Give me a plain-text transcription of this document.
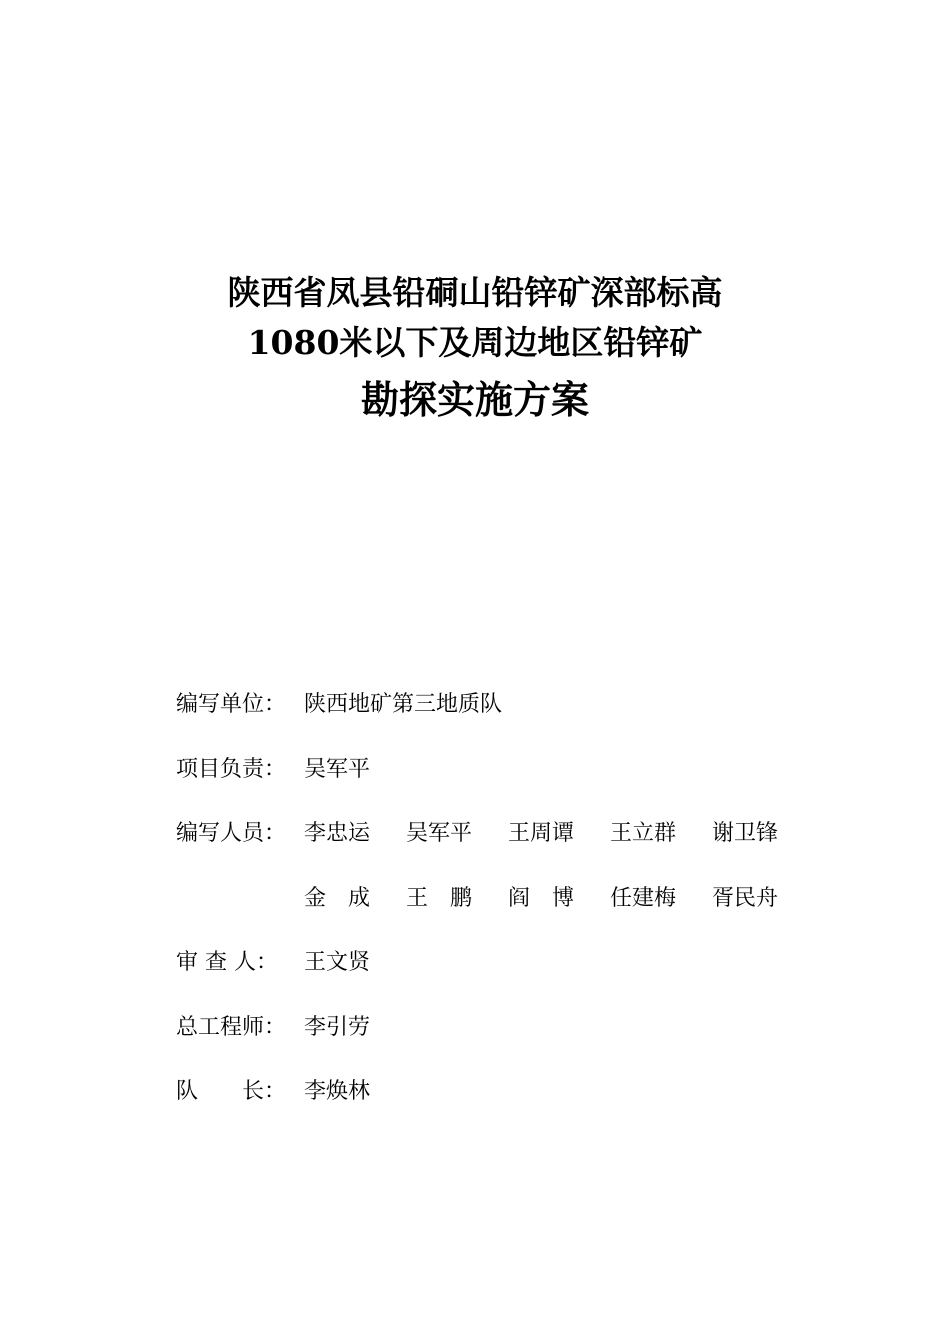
陕西省凤县铅硐山铅锌矿深部标高
1080米以下及周边地区铅锌矿
勘探实施方案
编写单位： 陕西地矿第三地质队
项目负责： 吴军平
编写人员： 李忠运 吴军平 王周谭 王立群 谢卫锋
金　成 王　鹏 阎　博 任建梅 胥民舟
审 查 人： 王文贤
总工程师： 李引劳
队　　长： 李焕林
